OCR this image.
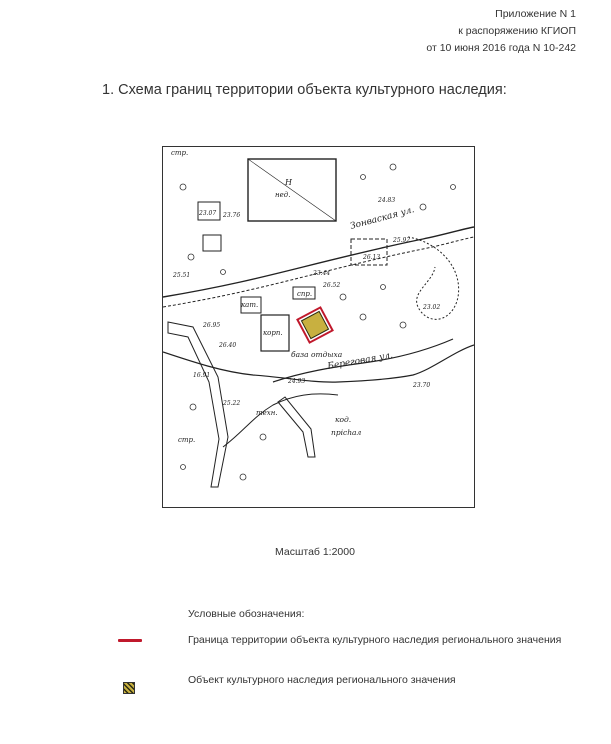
Приложение N 1
к распоряжению КГИОП
от 10 июня 2016 года N 10-242
1. Схема границ территории объекта культурного наследия:
Зонваская ул.
Береговая ул.
база отдыха
прichал
код.
техн.
стр.
стр.
Н
нед.
корп.
кат.
спр.
25.51	23.44
26.13
25.92
26.95
23.02
24.93
23.76
26.40
25.22
23.70
16.91
26.52
23.07
24.83
Масштаб 1:2000
Условные обозначения:
Граница территории объекта культурного наследия регионального значения
Объект культурного наследия регионального значения
